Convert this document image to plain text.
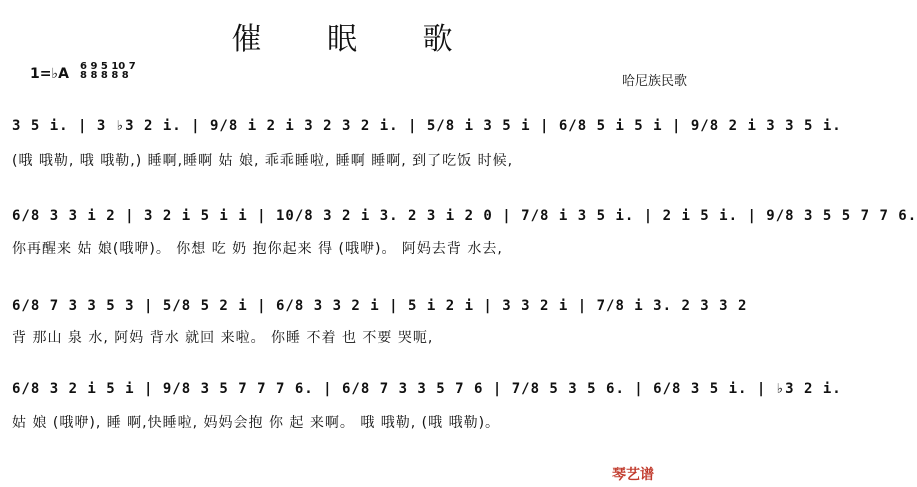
催 眠 歌
1=♭A 6 9 5 10 7
8 8 8 8 8	哈尼族民歌
3 5 i. | 3 ♭3 2 i. | 9/8 i 2 i 3 2 3 2 i. | 5/8 i 3 5 i | 6/8 5 i 5 i | 9/8 2 i 3 3 5 i.
(哦 哦勒, 哦 哦勒,) 睡啊,睡啊 姑 娘, 乖乖睡啦, 睡啊 睡啊, 到了吃饭 时候,
6/8 3 3 i 2 | 3 2 i 5 i i | 10/8 3 2 i 3. 2 3 i 2 0 | 7/8 i 3 5 i. | 2 i 5 i. | 9/8 3 5 5 7 7 6.
你再醒来 姑 娘(哦咿)。 你想 吃 奶 抱你起来 得 (哦咿)。 阿妈去背 水去,
6/8 7 3 3 5 3 | 5/8 5 2 i | 6/8 3 3 2 i | 5 i 2 i | 3 3 2 i | 7/8 i 3. 2 3 3 2
背 那山 泉 水, 阿妈 背水 就回 来啦。 你睡 不着 也 不要 哭呃,
6/8 3 2 i 5 i | 9/8 3 5 7 7 7 6. | 6/8 7 3 3 5 7 6 | 7/8 5 3 5 6. | 6/8 3 5 i. | ♭3 2 i.
姑 娘 (哦咿), 睡 啊,快睡啦, 妈妈会抱 你 起 来啊。 哦 哦勒, (哦 哦勒)。
琴艺谱
